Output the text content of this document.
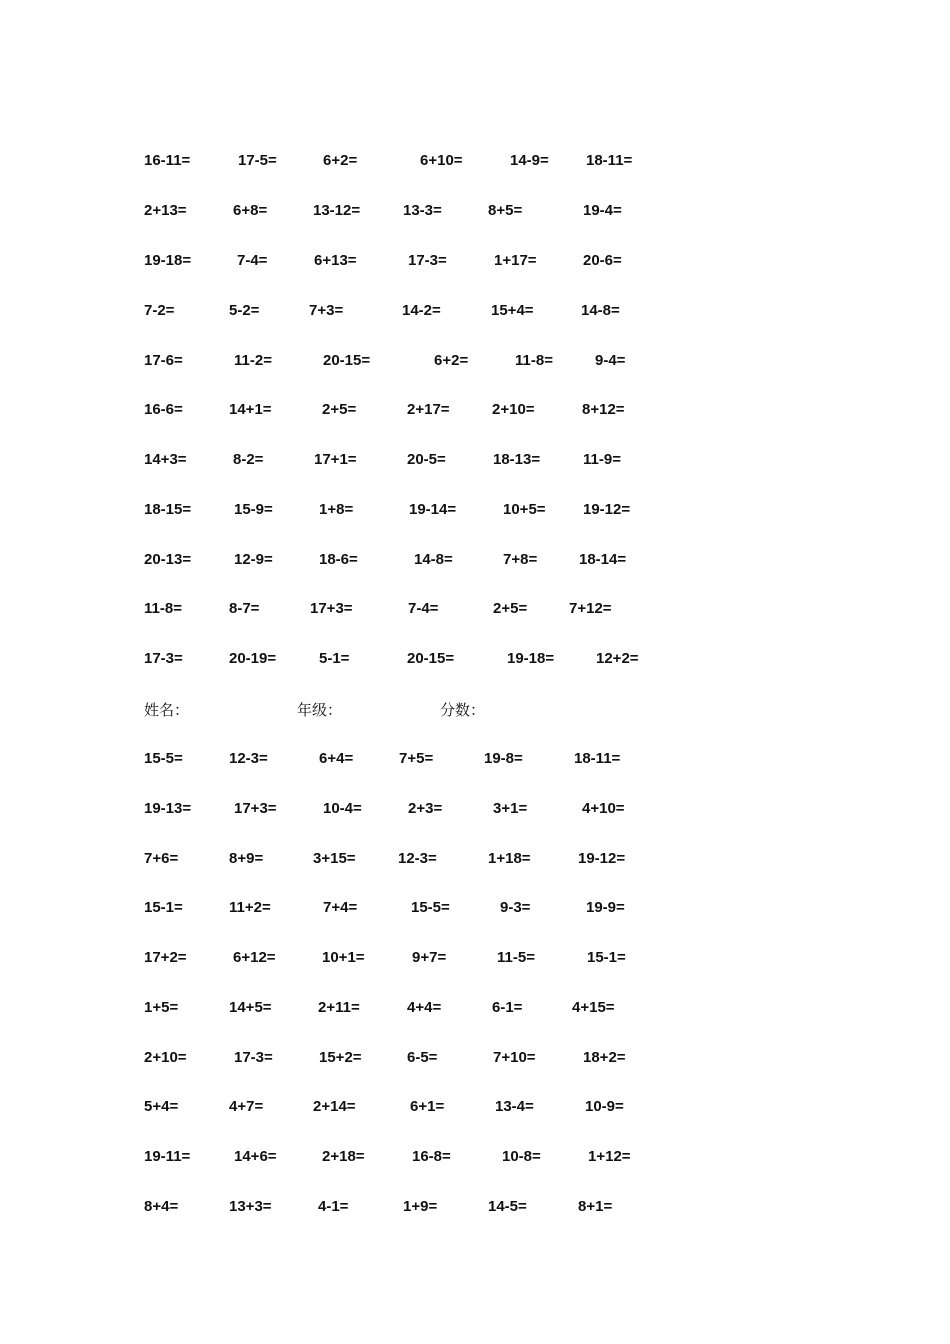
16-11=	17-5=	6+2=	6+10=	14-9= 18-11=
2+13=	6+8=	13-12=	13-3=	8+5=	19-4=
19-18=	7-4=	6+13=	17-3=	1+17=	20-6=
7-2=	5-2=	7+3=	14-2=	15+4=	14-8=
17-6=	11-2=	20-15=	6+2=	11-8=	9-4=
16-6=	14+1=	2+5=	2+17=	2+10=	8+12=
14+3=	8-2=	17+1=	20-5=	18-13=	11-9=
18-15=	15-9=	1+8=	19-14=	10+5= 19-12=
20-13=	12-9=	18-6=	14-8=	7+8=	18-14=
11-8=	8-7=	17+3=	7-4=	2+5=	7+12=
17-3=	20-19=	5-1=	20-15=	19-18=	12+2=
姓名：	年级：	分数：
15-5=	12-3=	6+4=	7+5=	19-8=	18-11=
19-13=	17+3=	10-4=	2+3=	3+1=	4+10=
7+6=	8+9=	3+15=	12-3=	1+18=	19-12=
15-1=	11+2=	7+4=	15-5=	9-3=	19-9=
17+2=	6+12=	10+1=	9+7=	11-5=	15-1=
1+5=	14+5=	2+11=	4+4=	6-1=	4+15=
2+10=	17-3=	15+2=	6-5=	7+10=	18+2=
5+4=	4+7=	2+14=	6+1=	13-4=	10-9=
19-11=	14+6=	2+18=	16-8=	10-8=	1+12=
8+4=	13+3=	4-1=	1+9=	14-5=	8+1=
